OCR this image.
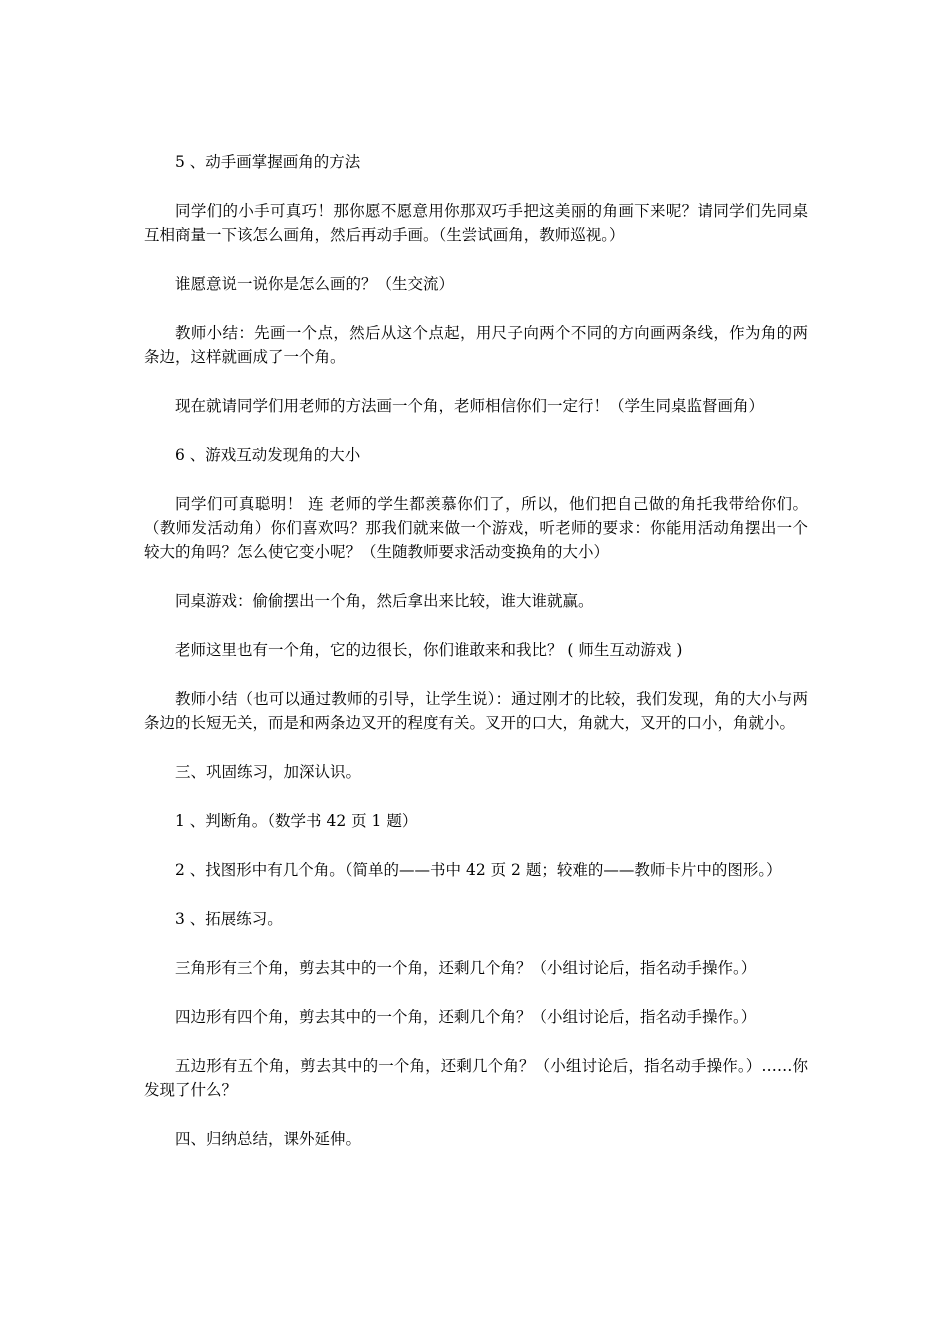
5 、动手画掌握画角的方法

同学们的小手可真巧！那你愿不愿意用你那双巧手把这美丽的角画下来呢？请同学们先同桌互相商量一下该怎么画角，然后再动手画。（生尝试画角，教师巡视。）

谁愿意说一说你是怎么画的？（生交流）

教师小结：先画一个点，然后从这个点起，用尺子向两个不同的方向画两条线，作为角的两条边，这样就画成了一个角。

现在就请同学们用老师的方法画一个角，老师相信你们一定行！（学生同桌监督画角）

6 、游戏互动发现角的大小

同学们可真聪明！ 连 老师的学生都羡慕你们了，所以，他们把自己做的角托我带给你们。（教师发活动角）你们喜欢吗？那我们就来做一个游戏，听老师的要求：你能用活动角摆出一个较大的角吗？怎么使它变小呢？（生随教师要求活动变换角的大小）

同桌游戏：偷偷摆出一个角，然后拿出来比较，谁大谁就赢。

老师这里也有一个角，它的边很长，你们谁敢来和我比？ ( 师生互动游戏 )

教师小结（也可以通过教师的引导，让学生说）：通过刚才的比较，我们发现，角的大小与两条边的长短无关，而是和两条边叉开的程度有关。叉开的口大，角就大，叉开的口小，角就小。

三、巩固练习，加深认识。

1 、判断角。（数学书 42 页 1 题）

2 、找图形中有几个角。（简单的——书中 42 页 2 题；较难的——教师卡片中的图形。）

3 、拓展练习。

三角形有三个角，剪去其中的一个角，还剩几个角？（小组讨论后，指名动手操作。）

四边形有四个角，剪去其中的一个角，还剩几个角？（小组讨论后，指名动手操作。）

五边形有五个角，剪去其中的一个角，还剩几个角？（小组讨论后，指名动手操作。）……你发现了什么？

四、归纳总结，课外延伸。
